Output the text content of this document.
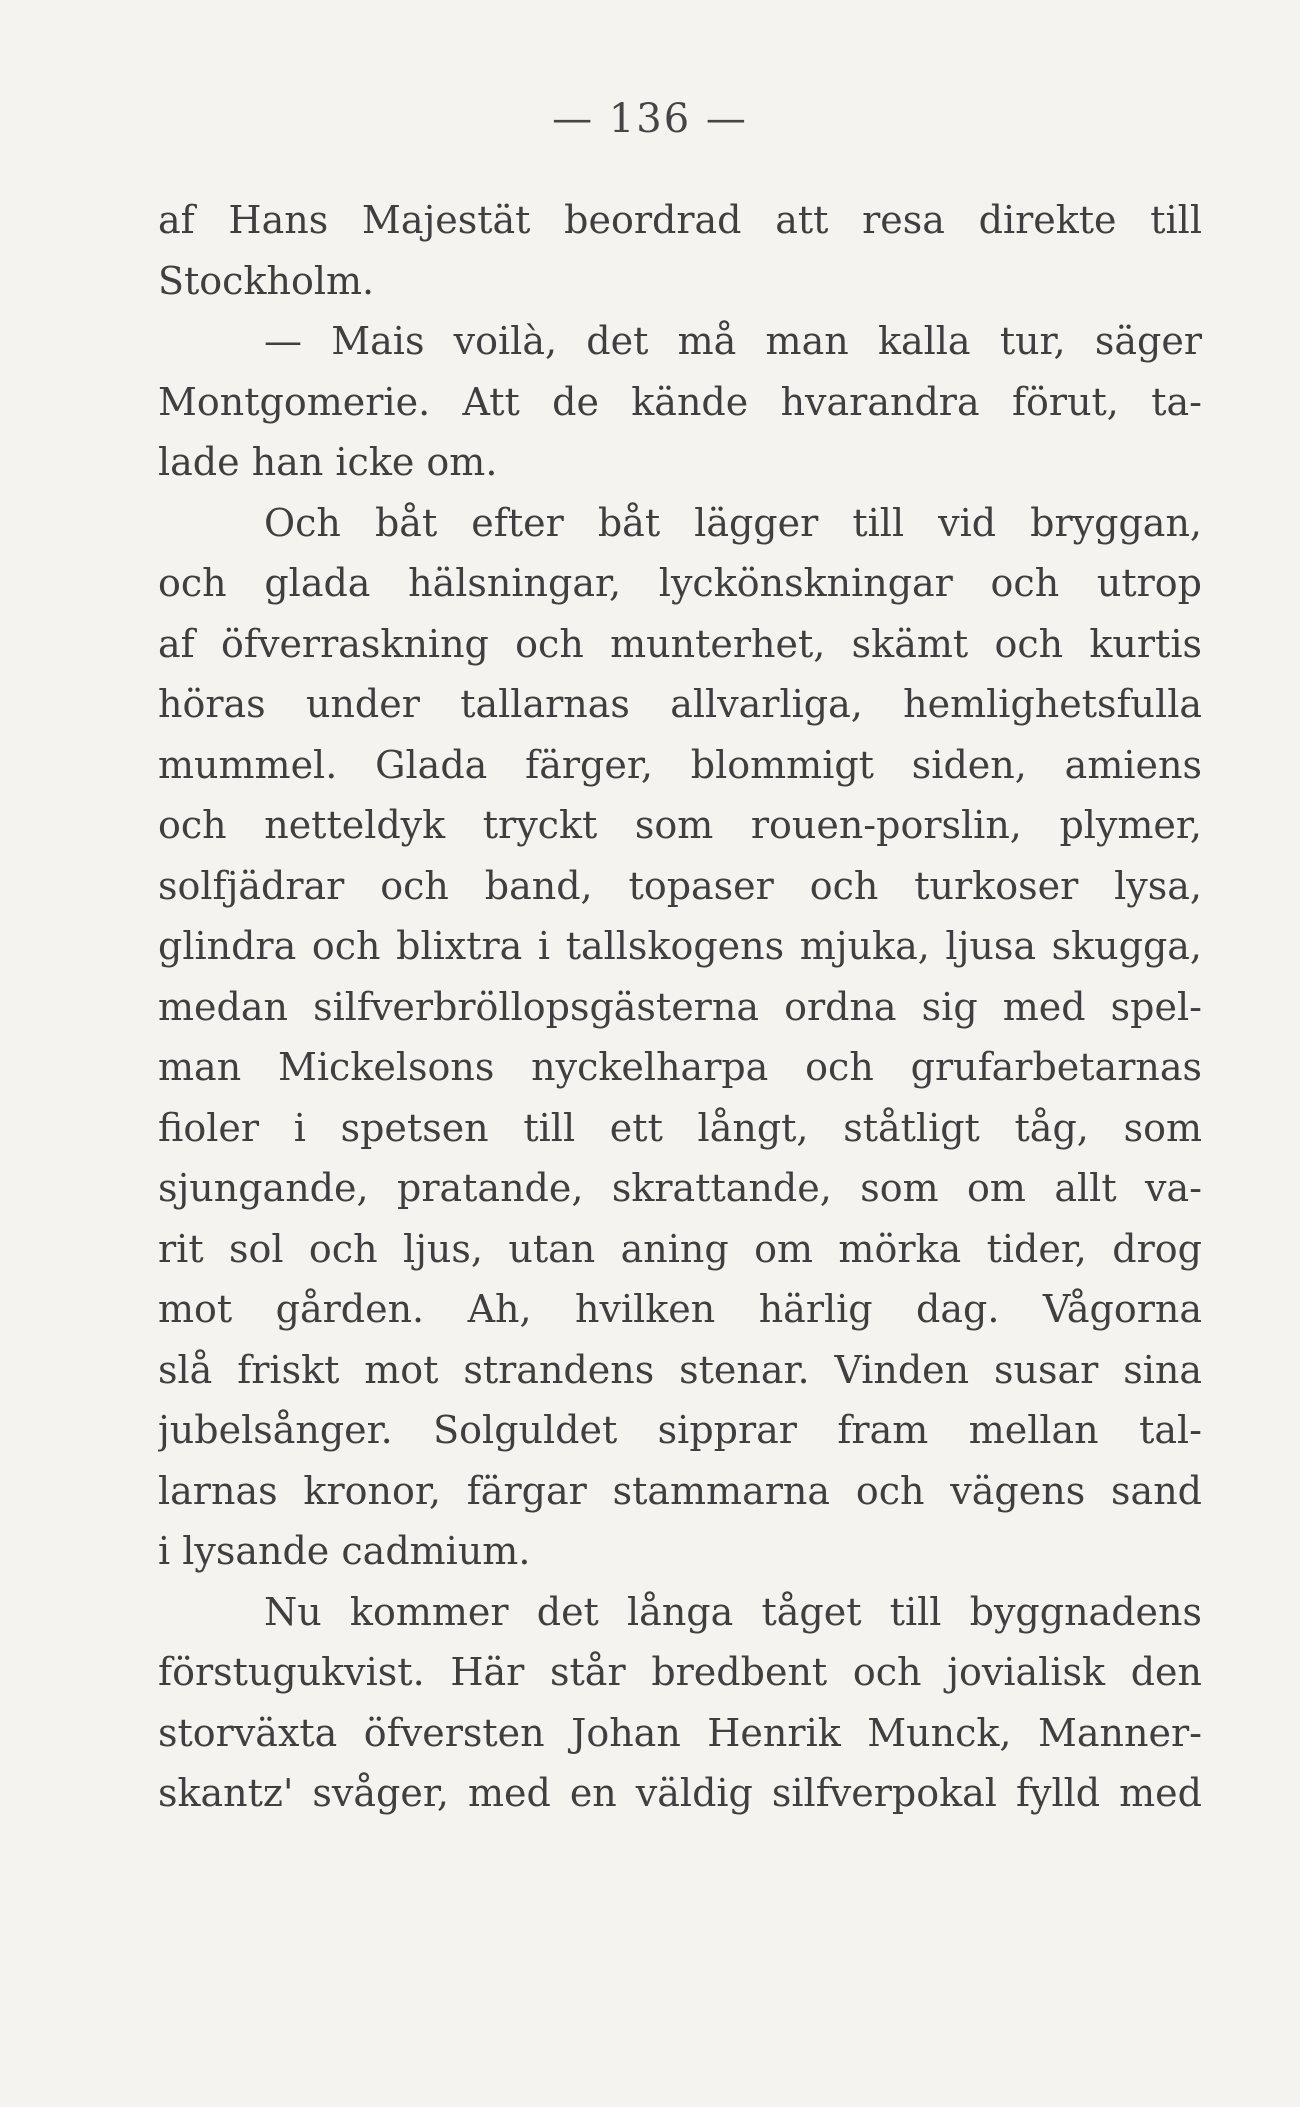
— 136 —
af Hans Majestät beordrad att resa direkte till
Stockholm.
— Mais voilà, det må man kalla tur, säger
Montgomerie. Att de kände hvarandra förut, ta-
lade han icke om.
Och båt efter båt lägger till vid bryggan,
och glada hälsningar, lyckönskningar och utrop
af öfverraskning och munterhet, skämt och kurtis
höras under tallarnas allvarliga, hemlighetsfulla
mummel. Glada färger, blommigt siden, amiens
och netteldyk tryckt som rouen-porslin, plymer,
solfjädrar och band, topaser och turkoser lysa,
glindra och blixtra i tallskogens mjuka, ljusa skugga,
medan silfverbröllopsgästerna ordna sig med spel-
man Mickelsons nyckelharpa och grufarbetarnas
fioler i spetsen till ett långt, ståtligt tåg, som
sjungande, pratande, skrattande, som om allt va-
rit sol och ljus, utan aning om mörka tider, drog
mot gården. Ah, hvilken härlig dag. Vågorna
slå friskt mot strandens stenar. Vinden susar sina
jubelsånger. Solguldet sipprar fram mellan tal-
larnas kronor, färgar stammarna och vägens sand
i lysande cadmium.
Nu kommer det långa tåget till byggnadens
förstugukvist. Här står bredbent och jovialisk den
storväxta öfversten Johan Henrik Munck, Manner-
skantz' svåger, med en väldig silfverpokal fylld med
